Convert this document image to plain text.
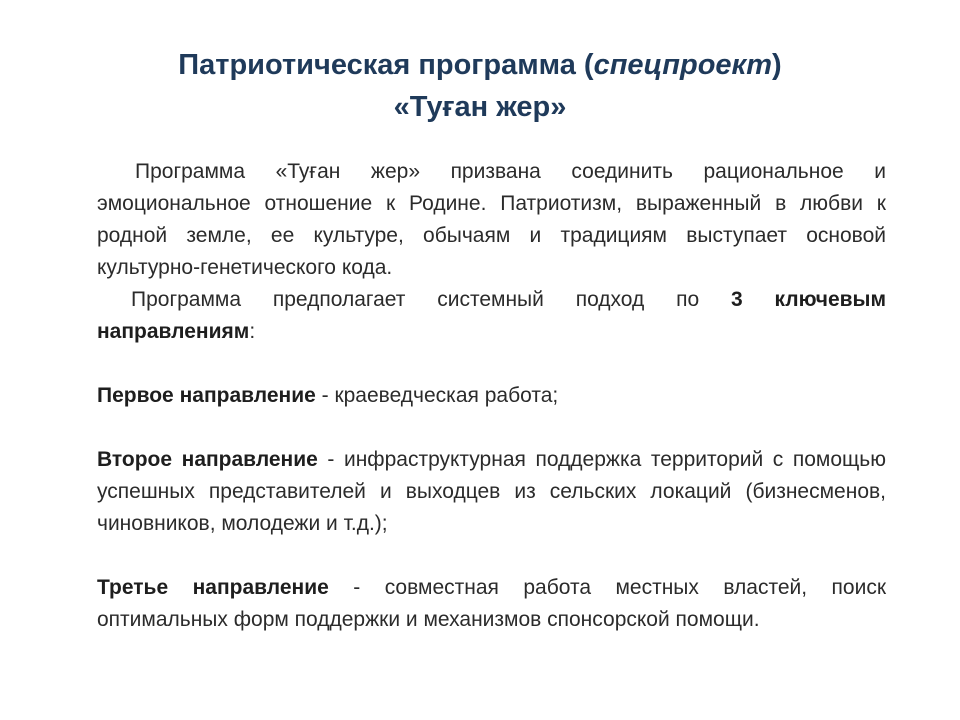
Патриотическая программа (спецпроект)
«Туған жер»

Программа «Туған жер» призвана соединить рациональное и эмоциональное отношение к Родине. Патриотизм, выраженный в любви к родной земле, ее культуре, обычаям и традициям выступает основой культурно-генетического кода.

Программа предполагает системный подход по 3 ключевым направлениям:

Первое направление - краеведческая работа;

Второе направление - инфраструктурная поддержка территорий с помощью успешных представителей и выходцев из сельских локаций (бизнесменов, чиновников, молодежи и т.д.);

Третье направление - совместная работа местных властей, поиск оптимальных форм поддержки и механизмов спонсорской помощи.
